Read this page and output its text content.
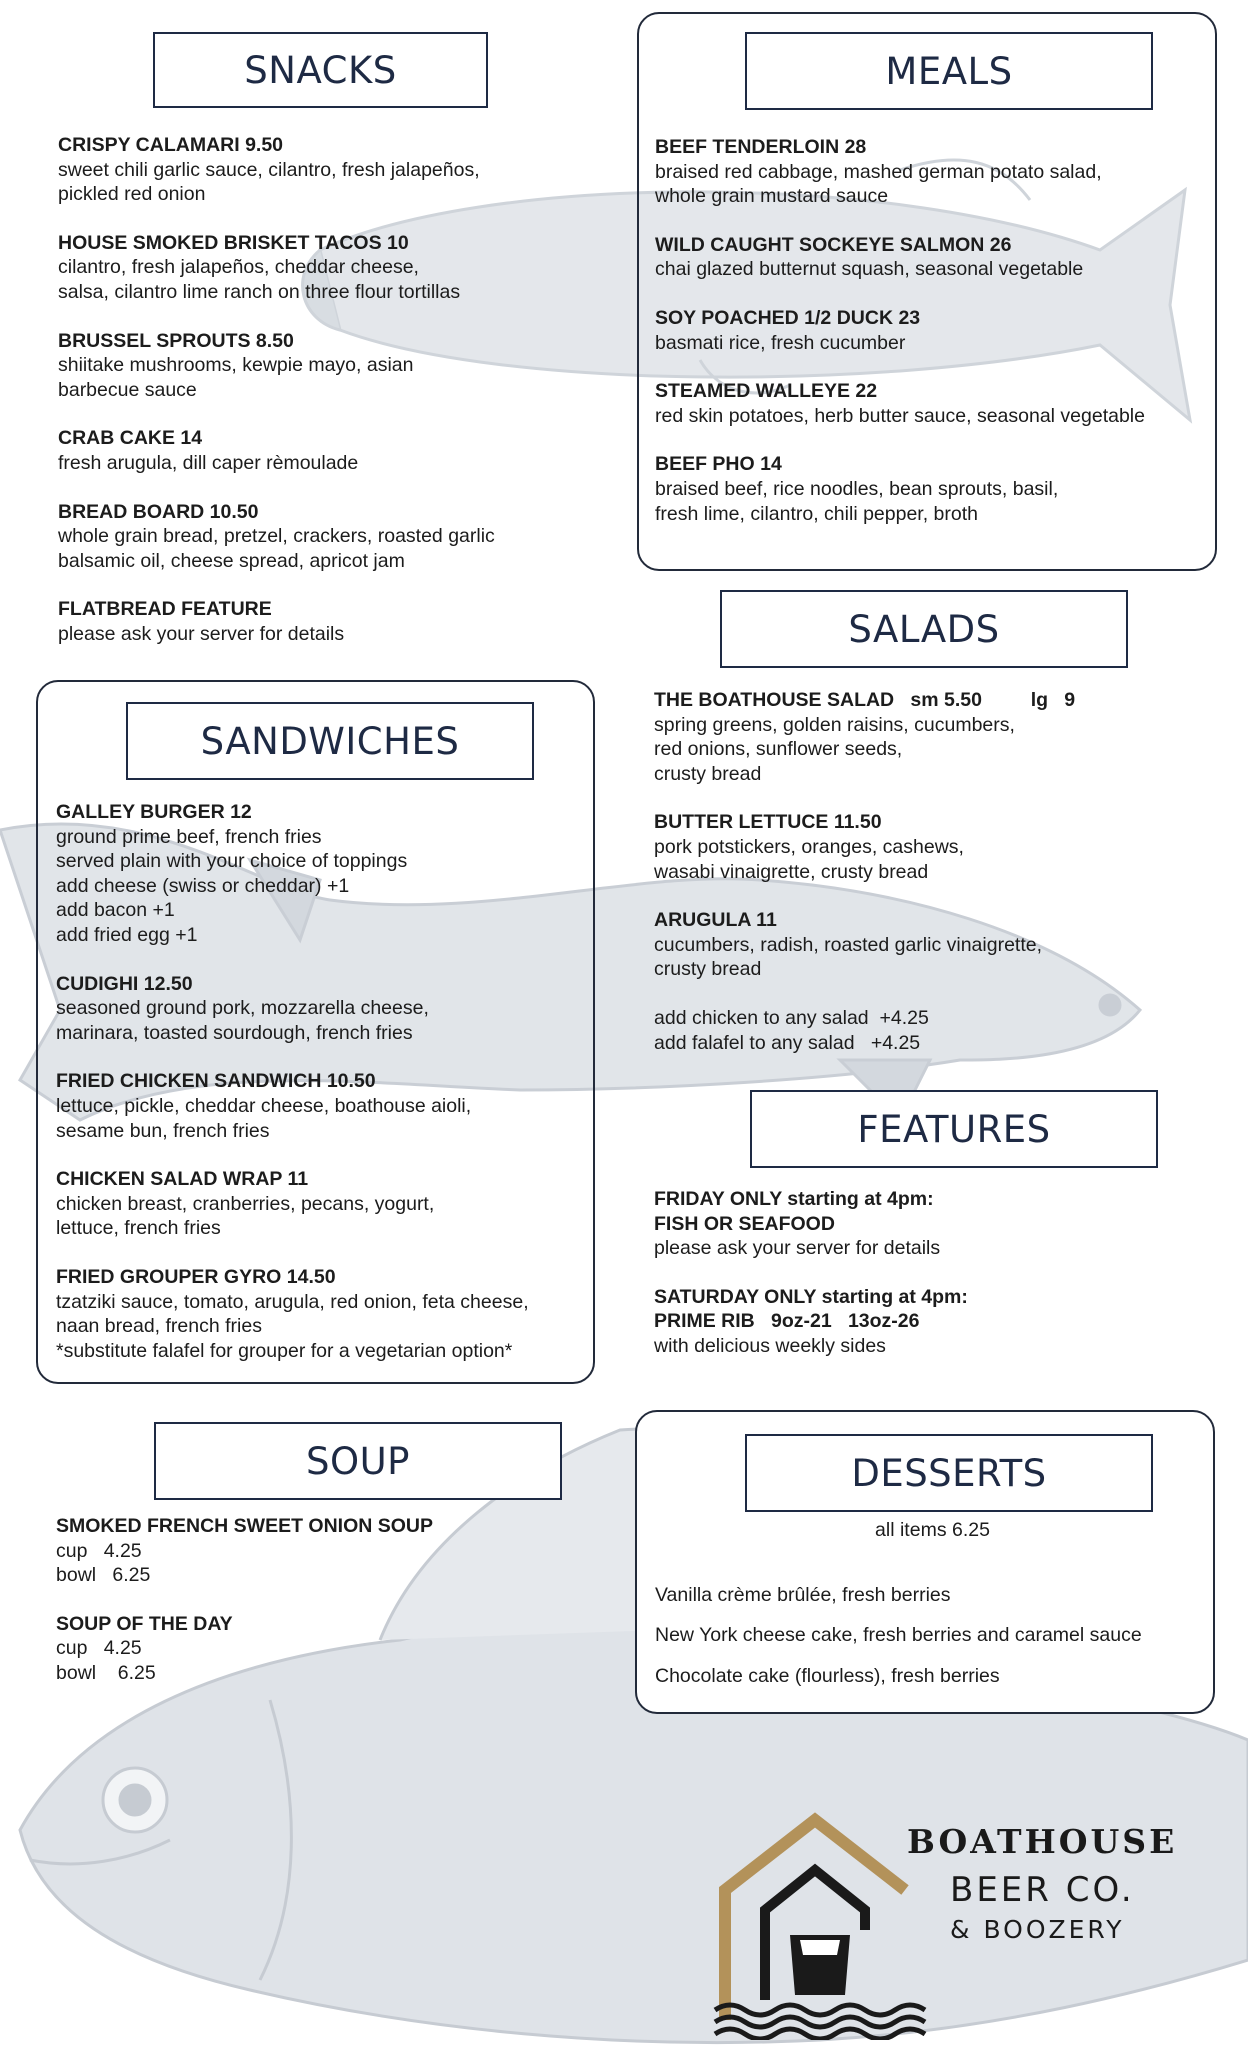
SNACKS
CRISPY CALAMARI 9.50
sweet chili garlic sauce, cilantro, fresh jalapeños,
pickled red onion
HOUSE SMOKED BRISKET TACOS 10
cilantro, fresh jalapeños, cheddar cheese,
salsa, cilantro lime ranch on three flour tortillas
BRUSSEL SPROUTS 8.50
shiitake mushrooms, kewpie mayo, asian
barbecue sauce
CRAB CAKE 14
fresh arugula, dill caper rèmoulade
BREAD BOARD 10.50
whole grain bread, pretzel, crackers, roasted garlic
balsamic oil, cheese spread, apricot jam
FLATBREAD FEATURE
please ask your server for details
MEALS
BEEF TENDERLOIN 28
braised red cabbage, mashed german potato salad,
whole grain mustard sauce
WILD CAUGHT SOCKEYE SALMON 26
chai glazed butternut squash, seasonal vegetable
SOY POACHED 1/2 DUCK 23
basmati rice, fresh cucumber
STEAMED WALLEYE 22
red skin potatoes, herb butter sauce, seasonal vegetable
BEEF PHO 14
braised beef, rice noodles, bean sprouts, basil,
fresh lime, cilantro, chili pepper, broth
SALADS
THE BOATHOUSE SALAD   sm 5.50         lg   9
spring greens, golden raisins, cucumbers,
red onions, sunflower seeds,
crusty bread
BUTTER LETTUCE 11.50
pork potstickers, oranges, cashews,
wasabi vinaigrette, crusty bread
ARUGULA 11
cucumbers, radish, roasted garlic vinaigrette,
crusty bread
add chicken to any salad  +4.25
add falafel to any salad   +4.25
SANDWICHES
GALLEY BURGER 12
ground prime beef, french fries
served plain with your choice of toppings
add cheese (swiss or cheddar) +1
add bacon +1
add fried egg +1
CUDIGHI 12.50
seasoned ground pork, mozzarella cheese,
marinara, toasted sourdough, french fries
FRIED CHICKEN SANDWICH 10.50
lettuce, pickle, cheddar cheese, boathouse aioli,
sesame bun, french fries
CHICKEN SALAD WRAP 11
chicken breast, cranberries, pecans, yogurt,
lettuce, french fries
FRIED GROUPER GYRO 14.50
tzatziki sauce, tomato, arugula, red onion, feta cheese,
naan bread, french fries
*substitute falafel for grouper for a vegetarian option*
FEATURES
FRIDAY ONLY starting at 4pm:
FISH OR SEAFOOD
please ask your server for details
SATURDAY ONLY starting at 4pm:
PRIME RIB   9oz-21   13oz-26
with delicious weekly sides
SOUP
SMOKED FRENCH SWEET ONION SOUP
cup   4.25
bowl   6.25
SOUP OF THE DAY
cup   4.25
bowl    6.25
DESSERTS
all items 6.25
Vanilla crème brûlée, fresh berries
New York cheese cake, fresh berries and caramel sauce
Chocolate cake (flourless), fresh berries
BOATHOUSE
BEER CO.
& BOOZERY
